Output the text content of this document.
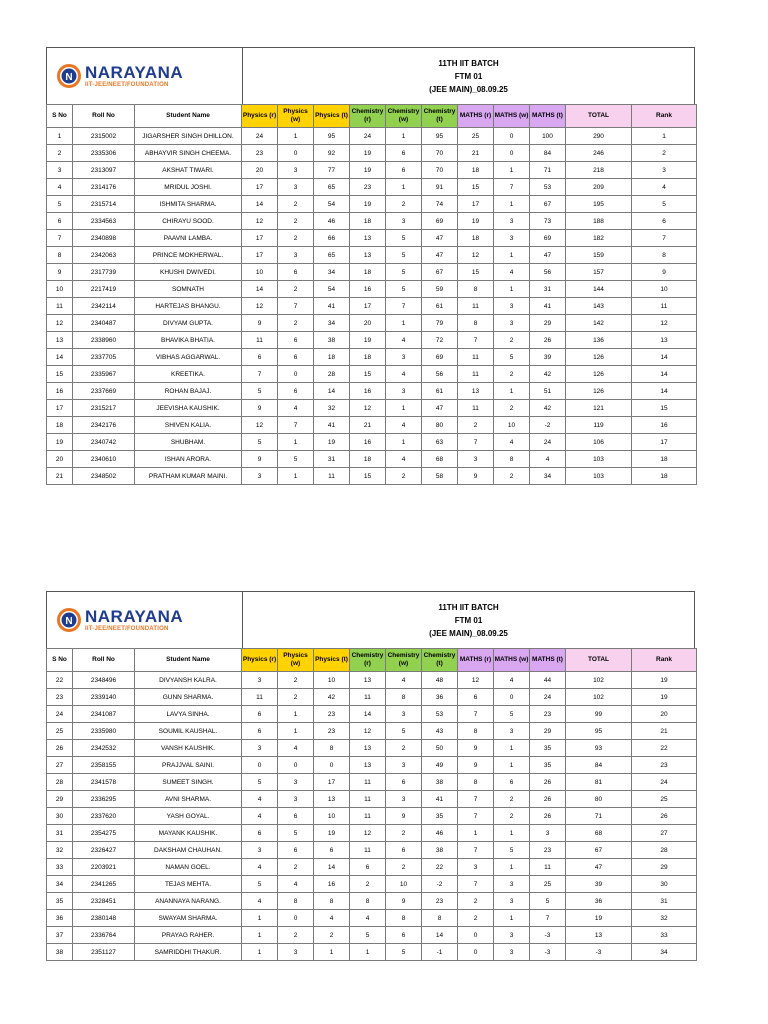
N NARAYANA
IIT-JEE/NEET/FOUNDATION
11TH IIT BATCH
FTM 01
(JEE MAIN)_08.09.25
S No	Roll No	Student Name	Physics (r)	Physics (w)	Physics (t)	Chemistry (r)	Chemistry (w)	Chemistry (t)	MATHS (r)	MATHS (w)	MATHS (t)	TOTAL	Rank
1	2315002	JIGARSHER SINGH DHILLON.	24	1	95	24	1	95	25	0	100	290	1
2	2335306	ABHAYVIR SINGH CHEEMA.	23	0	92	19	6	70	21	0	84	246	2
3	2313097	AKSHAT TIWARI.	20	3	77	19	6	70	18	1	71	218	3
4	2314176	MRIDUL JOSHI.	17	3	65	23	1	91	15	7	53	209	4
5	2315714	ISHMITA SHARMA.	14	2	54	19	2	74	17	1	67	195	5
6	2334563	CHIRAYU SOOD.	12	2	46	18	3	69	19	3	73	188	6
7	2340898	PAAVNI LAMBA.	17	2	66	13	5	47	18	3	69	182	7
8	2342063	PRINCE MOKHERWAL.	17	3	65	13	5	47	12	1	47	159	8
9	2317739	KHUSHI DWIVEDI.	10	6	34	18	5	67	15	4	56	157	9
10	2217419	SOMNATH	14	2	54	16	5	59	8	1	31	144	10
11	2342114	HARTEJAS BHANGU.	12	7	41	17	7	61	11	3	41	143	11
12	2340487	DIVYAM GUPTA.	9	2	34	20	1	79	8	3	29	142	12
13	2338960	BHAVIKA BHATIA.	11	6	38	19	4	72	7	2	26	136	13
14	2337705	VIBHAS AGGARWAL.	6	6	18	18	3	69	11	5	39	126	14
15	2335967	KREETIKA.	7	0	28	15	4	56	11	2	42	126	14
16	2337669	ROHAN BAJAJ.	5	6	14	16	3	61	13	1	51	126	14
17	2315217	JEEVISHA KAUSHIK.	9	4	32	12	1	47	11	2	42	121	15
18	2342176	SHIVEN KALIA.	12	7	41	21	4	80	2	10	-2	119	16
19	2340742	SHUBHAM.	5	1	19	16	1	63	7	4	24	106	17
20	2340610	ISHAN ARORA.	9	5	31	18	4	68	3	8	4	103	18
21	2348502	PRATHAM KUMAR MAINI.	3	1	11	15	2	58	9	2	34	103	18
N NARAYANA
IIT-JEE/NEET/FOUNDATION
11TH IIT BATCH
FTM 01
(JEE MAIN)_08.09.25
S No	Roll No	Student Name	Physics (r)	Physics (w)	Physics (t)	Chemistry (r)	Chemistry (w)	Chemistry (t)	MATHS (r)	MATHS (w)	MATHS (t)	TOTAL	Rank
22	2348496	DIVYANSH KALRA.	3	2	10	13	4	48	12	4	44	102	19
23	2339140	GUNN SHARMA.	11	2	42	11	8	36	6	0	24	102	19
24	2341087	LAVYA SINHA.	6	1	23	14	3	53	7	5	23	99	20
25	2335980	SOUMIL KAUSHAL.	6	1	23	12	5	43	8	3	29	95	21
26	2342532	VANSH KAUSHIK.	3	4	8	13	2	50	9	1	35	93	22
27	2358155	PRAJJVAL SAINI.	0	0	0	13	3	49	9	1	35	84	23
28	2341578	SUMEET SINGH.	5	3	17	11	6	38	8	6	26	81	24
29	2336295	AVNI SHARMA.	4	3	13	11	3	41	7	2	26	80	25
30	2337620	YASH GOYAL.	4	6	10	11	9	35	7	2	26	71	26
31	2354275	MAYANK KAUSHIK.	6	5	19	12	2	46	1	1	3	68	27
32	2326427	DAKSHAM CHAUHAN.	3	6	6	11	6	38	7	5	23	67	28
33	2203921	NAMAN GOEL.	4	2	14	6	2	22	3	1	11	47	29
34	2341265	TEJAS MEHTA.	5	4	16	2	10	-2	7	3	25	39	30
35	2328451	ANANNAYA NARANG.	4	8	8	8	9	23	2	3	5	36	31
36	2380148	SWAYAM SHARMA.	1	0	4	4	8	8	2	1	7	19	32
37	2336764	PRAYAG RAHER.	1	2	2	5	6	14	0	3	-3	13	33
38	2351127	SAMRIDDHI THAKUR.	1	3	1	1	5	-1	0	3	-3	-3	34
